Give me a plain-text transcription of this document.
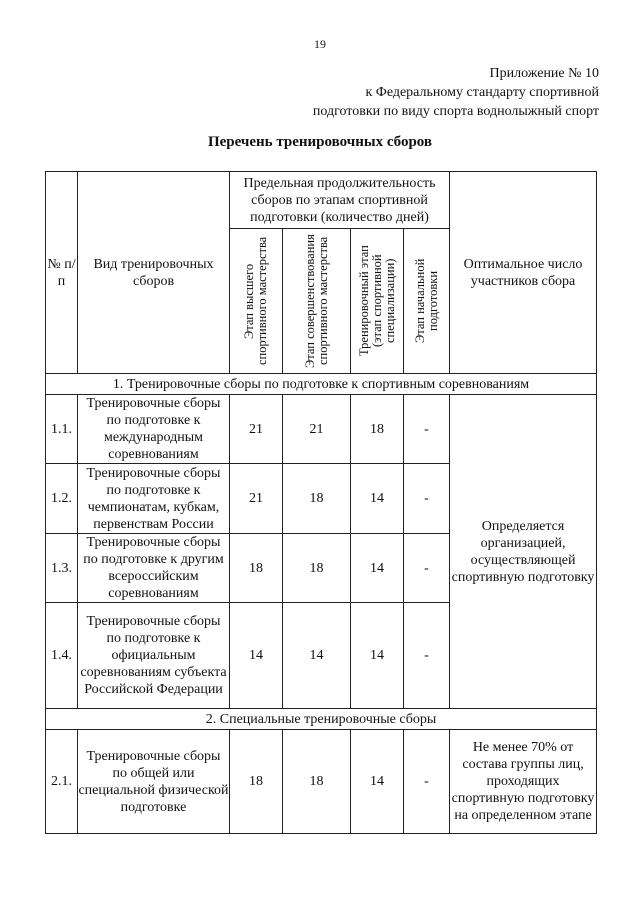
19
Приложение № 10
к Федеральному стандарту спортивной
подготовки по виду спорта воднолыжный спорт
Перечень тренировочных сборов
№ п/п	Вид тренировочных сборов	Предельная продолжительность сборов по этапам спортивной подготовки (количество дней)				Оптимальное число участников сбора

		Этап высшего спортивного мастерства	Этап совершенствования спортивного мастерства	Тренировочный этап (этап спортивной специализации)	Этап начальной подготовки	

1. Тренировочные сборы по подготовке к спортивным соревнованиям						
1.1.	Тренировочные сборы по подготовке к международным соревнованиям	21	21	18	-	Определяется организацией, осуществляющей спортивную подготовку
1.2.	Тренировочные сборы по подготовке к чемпионатам, кубкам, первенствам России	21	18	14	-	
1.3.	Тренировочные сборы по подготовке к другим всероссийским соревнованиям	18	18	14	-	
1.4.	Тренировочные сборы по подготовке к официальным соревнованиям субъекта Российской Федерации	14	14	14	-	
2. Специальные тренировочные сборы						
2.1.	Тренировочные сборы по общей или специальной физической подготовке	18	18	14	-	Не менее 70% от состава группы лиц, проходящих спортивную подготовку на определенном этапе
